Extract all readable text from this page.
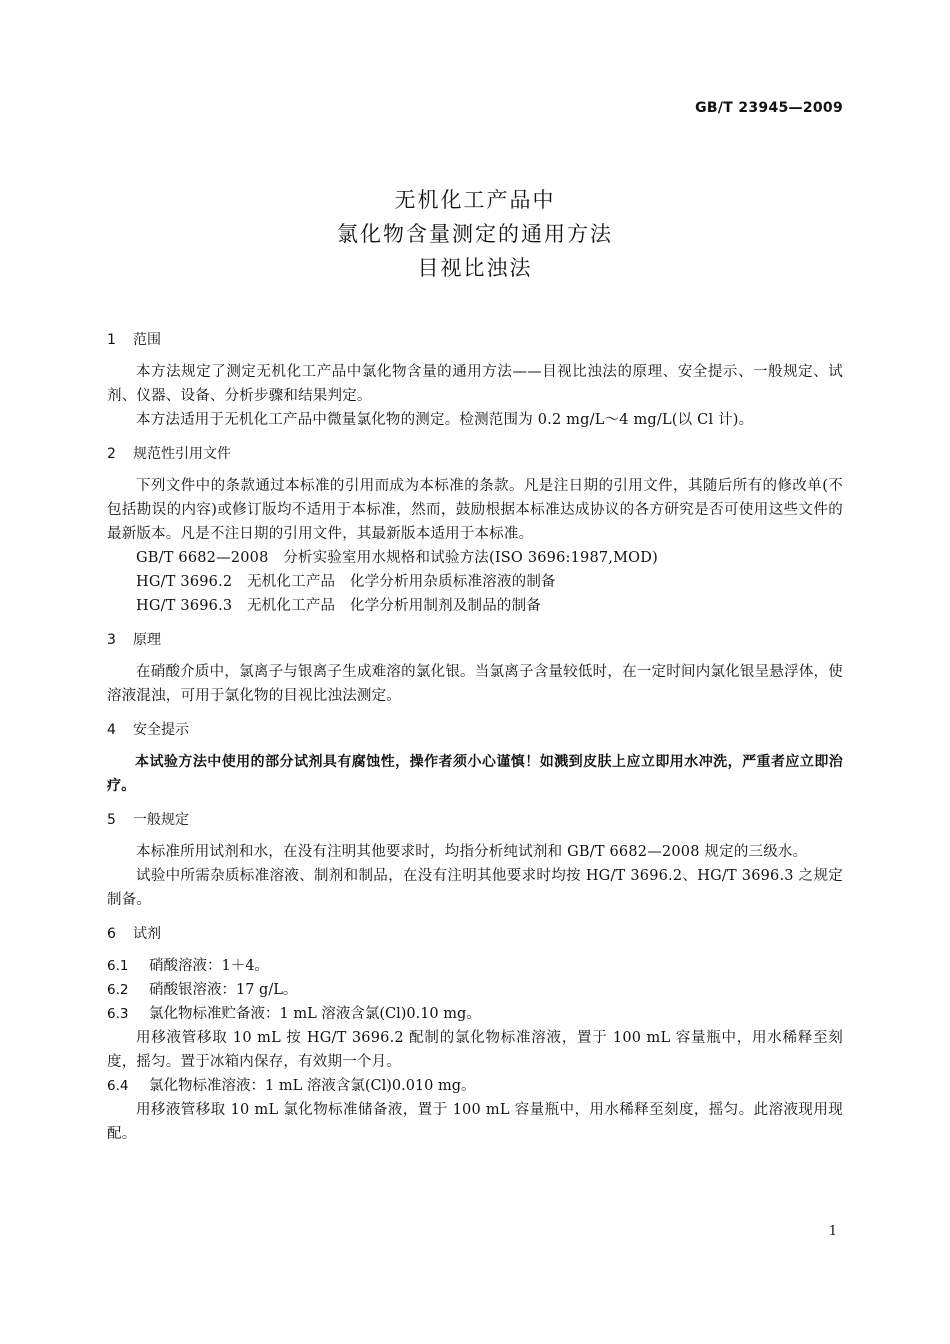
GB/T 23945—2009
无机化工产品中
氯化物含量测定的通用方法
目视比浊法
1 范围

本方法规定了测定无机化工产品中氯化物含量的通用方法——目视比浊法的原理、安全提示、一般规定、试剂、仪器、设备、分析步骤和结果判定。

本方法适用于无机化工产品中微量氯化物的测定。检测范围为 0.2 mg/L～4 mg/L(以 Cl 计)。

2 规范性引用文件

下列文件中的条款通过本标准的引用而成为本标准的条款。凡是注日期的引用文件，其随后所有的修改单(不包括勘误的内容)或修订版均不适用于本标准，然而，鼓励根据本标准达成协议的各方研究是否可使用这些文件的最新版本。凡是不注日期的引用文件，其最新版本适用于本标准。

GB/T 6682—2008　分析实验室用水规格和试验方法(ISO 3696:1987,MOD)

HG/T 3696.2　无机化工产品　化学分析用杂质标准溶液的制备

HG/T 3696.3　无机化工产品　化学分析用制剂及制品的制备

3 原理

在硝酸介质中，氯离子与银离子生成难溶的氯化银。当氯离子含量较低时，在一定时间内氯化银呈悬浮体，使溶液混浊，可用于氯化物的目视比浊法测定。

4 安全提示

本试验方法中使用的部分试剂具有腐蚀性，操作者须小心谨慎！如溅到皮肤上应立即用水冲洗，严重者应立即治疗。

5 一般规定

本标准所用试剂和水，在没有注明其他要求时，均指分析纯试剂和 GB/T 6682—2008 规定的三级水。

试验中所需杂质标准溶液、制剂和制品，在没有注明其他要求时均按 HG/T 3696.2、HG/T 3696.3 之规定制备。

6 试剂

6.1 硝酸溶液：1＋4。

6.2 硝酸银溶液：17 g/L。

6.3 氯化物标准贮备液：1 mL 溶液含氯(Cl)0.10 mg。

用移液管移取 10 mL 按 HG/T 3696.2 配制的氯化物标准溶液，置于 100 mL 容量瓶中，用水稀释至刻度，摇匀。置于冰箱内保存，有效期一个月。

6.4 氯化物标准溶液：1 mL 溶液含氯(Cl)0.010 mg。

用移液管移取 10 mL 氯化物标准储备液，置于 100 mL 容量瓶中，用水稀释至刻度，摇匀。此溶液现用现配。

1
